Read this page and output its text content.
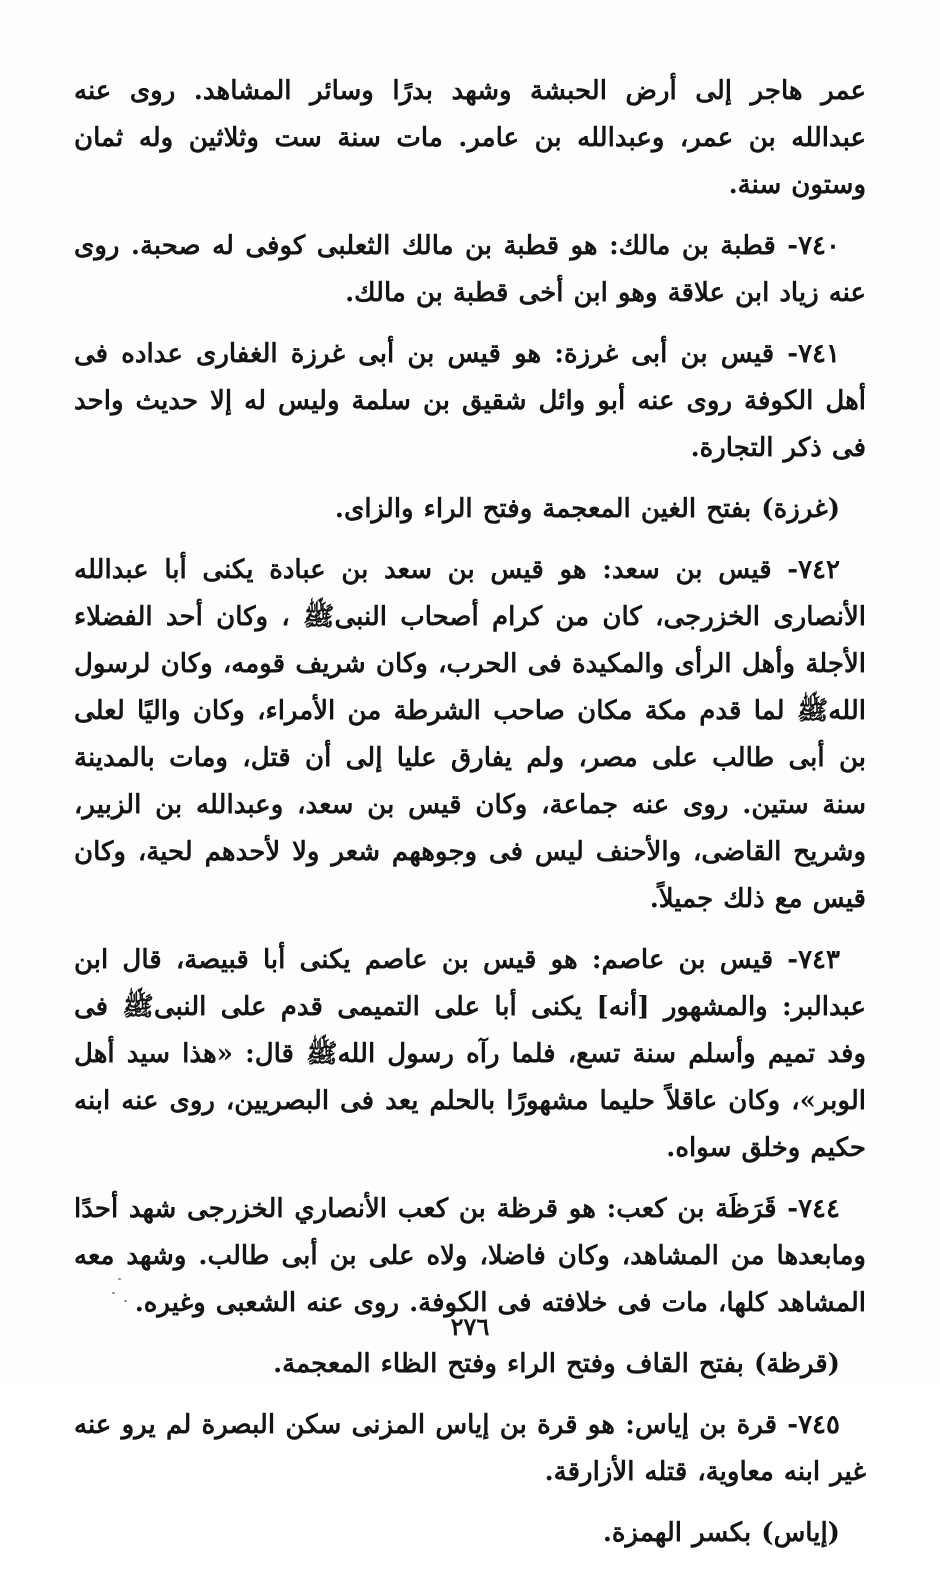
عمر هاجر إلى أرض الحبشة وشهد بدرًا وسائر المشاهد. روى عنه عبدالله بن عمر، وعبدالله بن عامر. مات سنة ست وثلاثين وله ثمان وستون سنة.

٧٤٠- قطبة بن مالك: هو قطبة بن مالك الثعلبى كوفى له صحبة. روى عنه زياد ابن علاقة وهو ابن أخى قطبة بن مالك.

٧٤١- قيس بن أبى غرزة: هو قيس بن أبى غرزة الغفارى عداده فى أهل الكوفة روى عنه أبو وائل شقيق بن سلمة وليس له إلا حديث واحد فى ذكر التجارة.

(غرزة) بفتح الغين المعجمة وفتح الراء والزاى.

٧٤٢- قيس بن سعد: هو قيس بن سعد بن عبادة يكنى أبا عبدالله الأنصارى الخزرجى، كان من كرام أصحاب النبىﷺ ، وكان أحد الفضلاء الأجلة وأهل الرأى والمكيدة فى الحرب، وكان شريف قومه، وكان لرسول اللهﷺ لما قدم مكة مكان صاحب الشرطة من الأمراء، وكان واليًا لعلى بن أبى طالب على مصر، ولم يفارق عليا إلى أن قتل، ومات بالمدينة سنة ستين. روى عنه جماعة، وكان قيس بن سعد، وعبدالله بن الزبير، وشريح القاضى، والأحنف ليس فى وجوههم شعر ولا لأحدهم لحية، وكان قيس مع ذلك جميلاً.

٧٤٣- قيس بن عاصم: هو قيس بن عاصم يكنى أبا قبيصة، قال ابن عبدالبر: والمشهور [أنه] يكنى أبا على التميمى قدم على النبىﷺ فى وفد تميم وأسلم سنة تسع، فلما رآه رسول اللهﷺ قال: «هذا سيد أهل الوبر»، وكان عاقلاً حليما مشهورًا بالحلم يعد فى البصريين، روى عنه ابنه حكيم وخلق سواه.

٧٤٤- قَرَظَة بن كعب: هو قرظة بن كعب الأنصاري الخزرجى شهد أحدًا ومابعدها من المشاهد، وكان فاضلا، ولاه على بن أبى طالب. وشهد معه المشاهد كلها، مات فى خلافته فى الكوفة. روى عنه الشعبى وغيره.

(قرظة) بفتح القاف وفتح الراء وفتح الظاء المعجمة.

٧٤٥- قرة بن إياس: هو قرة بن إياس المزنى سكن البصرة لم يرو عنه غير ابنه معاوية، قتله الأزارقة.

(إياس) بكسر الهمزة.

٢٧٦
